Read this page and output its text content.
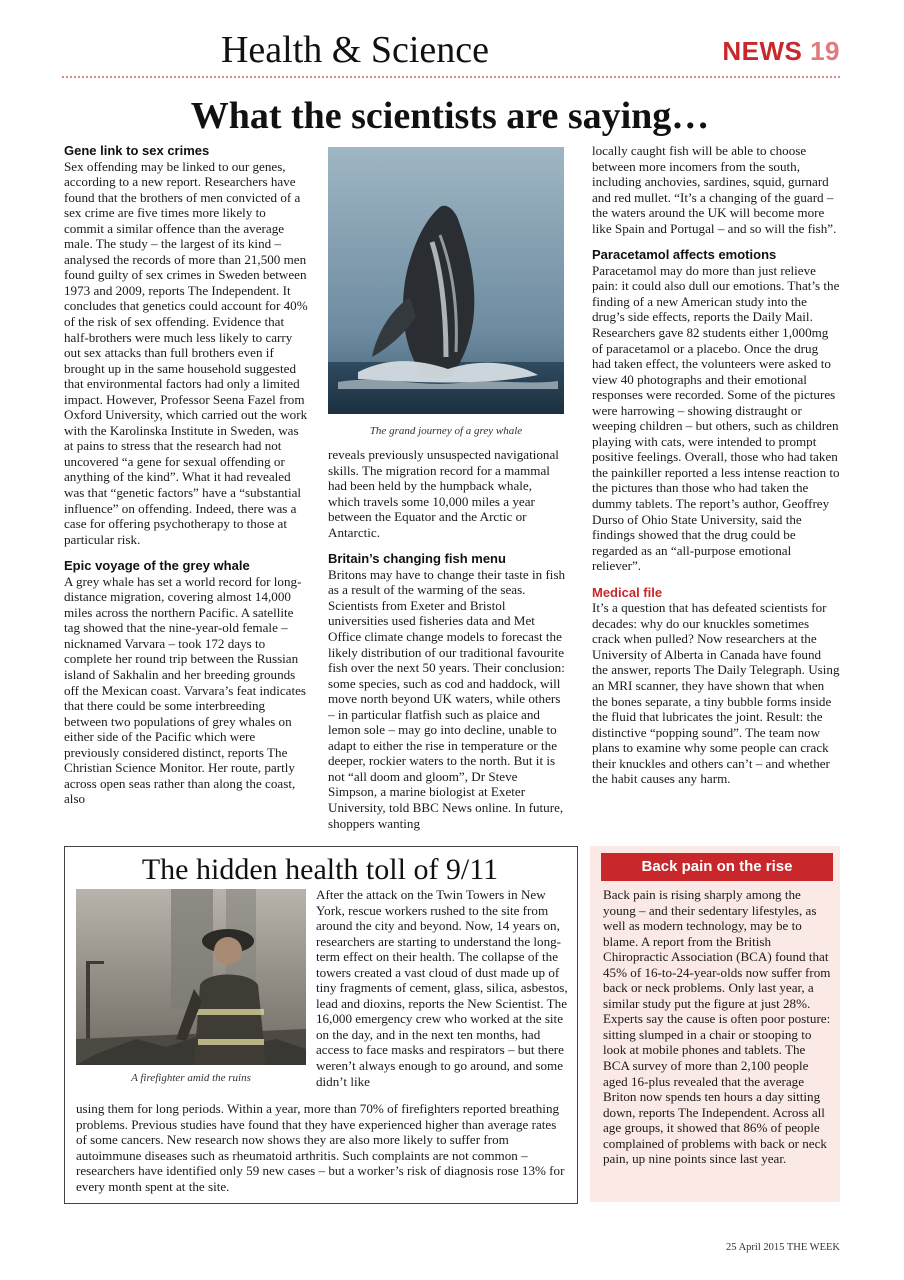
Health & Science	NEWS 19
What the scientists are saying…
Gene link to sex crimes

Sex offending may be linked to our genes, according to a new report. Researchers have found that the brothers of men convicted of a sex crime are five times more likely to commit a similar offence than the average male. The study – the largest of its kind – analysed the records of more than 21,500 men found guilty of sex crimes in Sweden between 1973 and 2009, reports The Independent. It concludes that genetics could account for 40% of the risk of sex offending. Evidence that half-brothers were much less likely to carry out sex attacks than full brothers even if brought up in the same household suggested that environmental factors had only a limited impact. However, Professor Seena Fazel from Oxford University, which carried out the work with the Karolinska Institute in Sweden, was at pains to stress that the research had not uncovered “a gene for sexual offending or anything of the kind”. What it had revealed was that “genetic factors” have a “substantial influence” on offending. Indeed, there was a case for offering psychotherapy to those at particular risk.

Epic voyage of the grey whale

A grey whale has set a world record for long-distance migration, covering almost 14,000 miles across the northern Pacific. A satellite tag showed that the nine-year-old female – nicknamed Varvara – took 172 days to complete her round trip between the Russian island of Sakhalin and her breeding grounds off the Mexican coast. Varvara’s feat indicates that there could be some interbreeding between two populations of grey whales on either side of the Pacific which were previously considered distinct, reports The Christian Science Monitor. Her route, partly across open seas rather than along the coast, also

The grand journey of a grey whale

reveals previously unsuspected navigational skills. The migration record for a mammal had been held by the humpback whale, which travels some 10,000 miles a year between the Equator and the Arctic or Antarctic.

Britain’s changing fish menu

Britons may have to change their taste in fish as a result of the warming of the seas. Scientists from Exeter and Bristol universities used fisheries data and Met Office climate change models to forecast the likely distribution of our traditional favourite fish over the next 50 years. Their conclusion: some species, such as cod and haddock, will move north beyond UK waters, while others – in particular flatfish such as plaice and lemon sole – may go into decline, unable to adapt to either the rise in temperature or the deeper, rockier waters to the north. But it is not “all doom and gloom”, Dr Steve Simpson, a marine biologist at Exeter University, told BBC News online. In future, shoppers wanting

locally caught fish will be able to choose between more incomers from the south, including anchovies, sardines, squid, gurnard and red mullet. “It’s a changing of the guard – the waters around the UK will become more like Spain and Portugal – and so will the fish”.

Paracetamol affects emotions

Paracetamol may do more than just relieve pain: it could also dull our emotions. That’s the finding of a new American study into the drug’s side effects, reports the Daily Mail. Researchers gave 82 students either 1,000mg of paracetamol or a placebo. Once the drug had taken effect, the volunteers were asked to view 40 photographs and their emotional responses were recorded. Some of the pictures were harrowing – showing distraught or weeping children – but others, such as children playing with cats, were intended to prompt positive feelings. Overall, those who had taken the painkiller reported a less intense reaction to the pictures than those who had taken the dummy tablets. The report’s author, Geoffrey Durso of Ohio State University, said the findings showed that the drug could be regarded as an “all-purpose emotional reliever”.

Medical file

It’s a question that has defeated scientists for decades: why do our knuckles sometimes crack when pulled? Now researchers at the University of Alberta in Canada have found the answer, reports The Daily Telegraph. Using an MRI scanner, they have shown that when the bones separate, a tiny bubble forms inside the fluid that lubricates the joint. Result: the distinctive “popping sound”. The team now plans to examine why some people can crack their knuckles and others can’t – and whether the habit causes any harm.

The hidden health toll of 9/11
A firefighter amid the ruins

After the attack on the Twin Towers in New York, rescue workers rushed to the site from around the city and beyond. Now, 14 years on, researchers are starting to understand the long-term effect on their health. The collapse of the towers created a vast cloud of dust made up of tiny fragments of cement, glass, silica, asbestos, lead and dioxins, reports the New Scientist. The 16,000 emergency crew who worked at the site on the day, and in the next ten months, had access to face masks and respirators – but there weren’t always enough to go around, and some didn’t like

using them for long periods. Within a year, more than 70% of firefighters reported breathing problems. Previous studies have found that they have experienced higher than average rates of some cancers. New research now shows they are also more likely to suffer from autoimmune diseases such as rheumatoid arthritis. Such complaints are not common – researchers have identified only 59 new cases – but a worker’s risk of diagnosis rose 13% for every month spent at the site.

Back pain on the rise

Back pain is rising sharply among the young – and their sedentary lifestyles, as well as modern technology, may be to blame. A report from the British Chiropractic Association (BCA) found that 45% of 16-to-24-year-olds now suffer from back or neck problems. Only last year, a similar study put the figure at just 28%. Experts say the cause is often poor posture: sitting slumped in a chair or stooping to look at mobile phones and tablets. The BCA survey of more than 2,100 people aged 16-plus revealed that the average Briton now spends ten hours a day sitting down, reports The Independent. Across all age groups, it showed that 86% of people complained of problems with back or neck pain, up nine points since last year.

25 April 2015 THE WEEK
